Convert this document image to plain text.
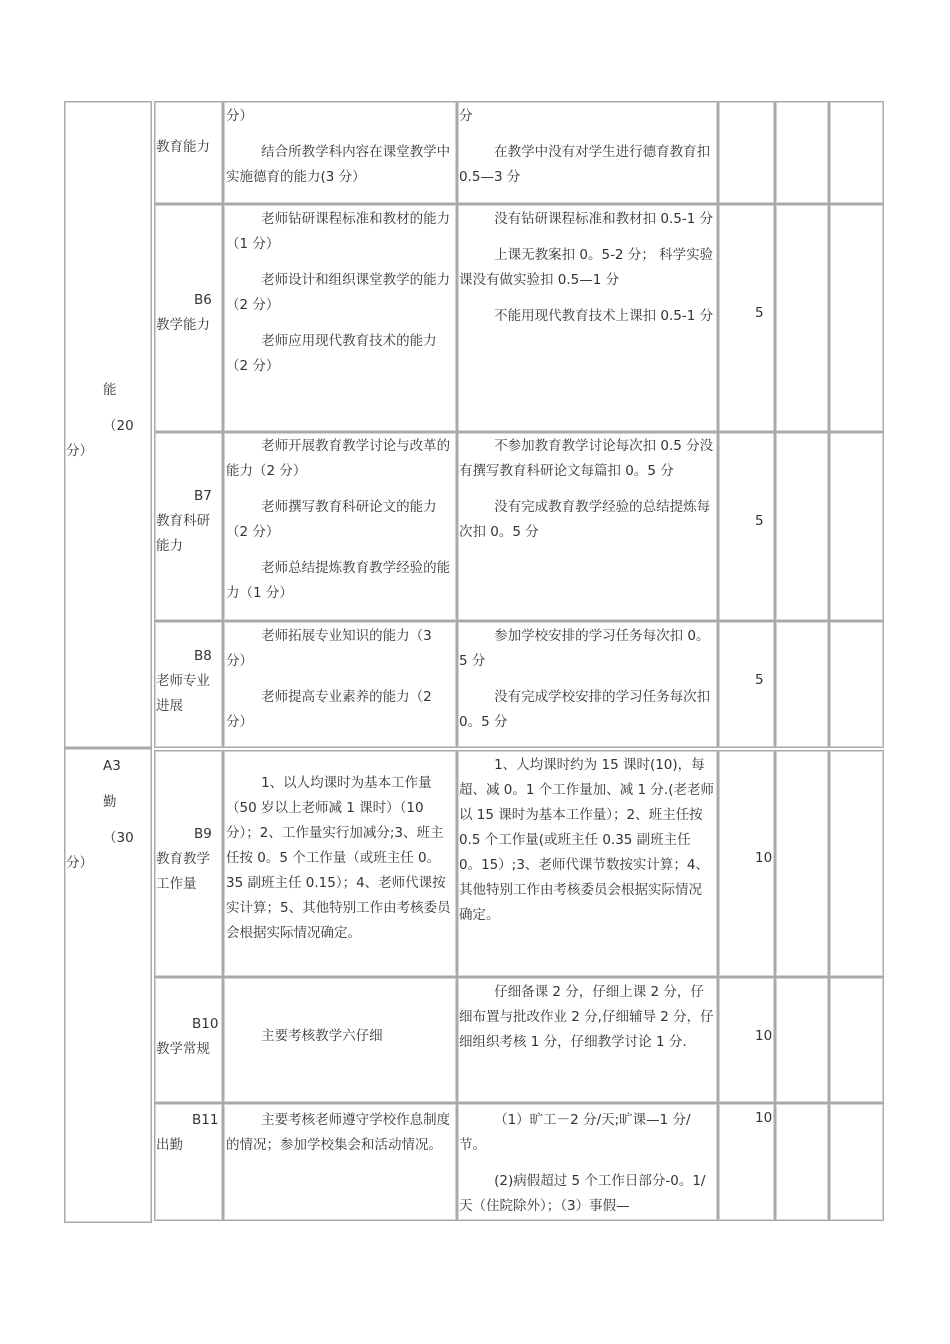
能
（20
分）
A3
勤
（30
分）
教育能力

分）

结合所教学科内容在课堂教学中实施德育的能力(3 分）

分

在教学中没有对学生进行德育教育扣 0.5—3 分

B6
教学能力

老师钻研课程标准和教材的能力（1 分）

老师设计和组织课堂教学的能力（2 分）

老师应用现代教育技术的能力（2 分）

没有钻研课程标准和教材扣 0.5-1 分

上课无教案扣 0。5-2 分； 科学实验课没有做实验扣 0.5—1 分

不能用现代教育技术上课扣 0.5-1 分	5
B7
教育科研能力

老师开展教育教学讨论与改革的能力（2 分）

老师撰写教育科研论文的能力（2 分）

老师总结提炼教育教学经验的能力（1 分）

不参加教育教学讨论每次扣 0.5 分没有撰写教育科研论文每篇扣 0。5 分

没有完成教育教学经验的总结提炼每次扣 0。5 分

5
B8
老师专业进展

老师拓展专业知识的能力（3 分）

老师提高专业素养的能力（2 分）

参加学校安排的学习任务每次扣 0。5 分

没有完成学校安排的学习任务每次扣 0。5 分

5
B9
教育教学工作量

1、以人均课时为基本工作量（50 岁以上老师减 1 课时）（10 分）；2、工作量实行加减分;3、班主任按 0。5 个工作量（或班主任 0。35 副班主任 0.15）；4、老师代课按实计算；5、其他特别工作由考核委员会根据实际情况确定。

1、人均课时约为 15 课时(10)，每超、减 0。1 个工作量加、减 1 分.(老老师以 15 课时为基本工作量）；2、班主任按 0.5 个工作量(或班主任 0.35 副班主任 0。15）;3、老师代课节数按实计算；4、其他特别工作由考核委员会根据实际情况确定。

10
B10
教学常规

主要考核教学六仔细

仔细备课 2 分，仔细上课 2 分，仔细布置与批改作业 2 分,仔细辅导 2 分，仔细组织考核 1 分，仔细教学讨论 1 分.	10
B11
出勤

主要考核老师遵守学校作息制度的情况；参加学校集会和活动情况。

（1）旷工－2 分/天;旷课—1 分/节。

(2)病假超过 5 个工作日部分-0。1/天（住院除外）；（3）事假—

10
